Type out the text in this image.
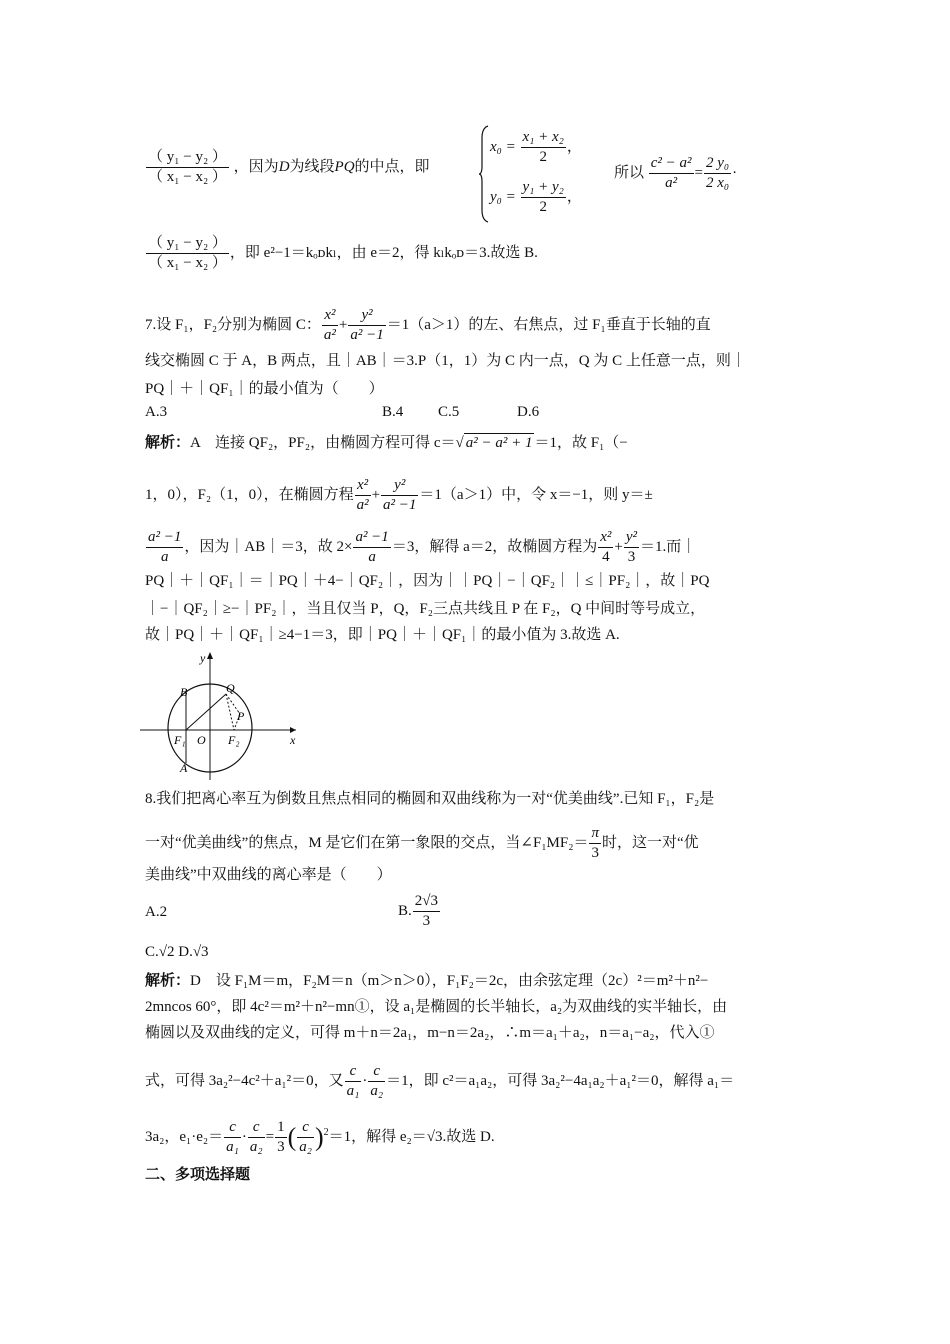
$\frac{\text{（ y₁ − y₂ ）}}{\text{（ x₁ − x₂ ）}}$ ，因为D为线段PQ的中点，即
$x_0 = \frac{\text{x₁ + x₂}}{2}$ ，
$y_0 = \frac{\text{y₁ + y₂}}{2}$ ，
所以 $\frac{\text{c² − a²}}{\text{a²}} = \frac{\text{2 y₀}}{\text{2 x₀}}$ ·
$\frac{\text{（ y₁ − y₂ ）}}{\text{（ x₁ − x₂ ）}}$ ，即 e²−1＝kₒᴅkₗ，由 e＝2，得 kₗkₒᴅ＝3.故选 B.
7.设 F₁，F₂分别为椭圆 C： $\frac{\text{x²}}{\text{a²}} + \frac{\text{y²}}{\text{a² −1}} =1(a>1)$的左、右焦点，过 F₁垂直于长轴的直
线交椭圆 C 于 A，B 两点，且｜AB｜＝3.P（1，1）为 C 内一点，Q 为 C 上任意一点，则｜
PQ｜＋｜QF₁｜的最小值为（　　）
A.3	B.4 C.5	D.6
解析：A　连接 QF₂，PF₂，由椭圆方程可得 c＝√ a² − a² + 1 ＝1，故 F₁（−
1，0），F₂（1，0），在椭圆方程 $\frac{\text{x²}}{\text{a²}} + \frac{\text{y²}}{\text{a² −1}} =1(a>1)$中，令 x＝−1，则 y＝±
$\frac{\text{a² −1}}{a}$ ，因为｜AB｜＝3，故 $2\times \frac{\text{a² −1}}{a} =3$，解得 a＝2，故椭圆方程为 $\frac{\text{x²}}{4} + \frac{\text{y²}}{3} =1$.而｜
PQ｜＋｜QF₁｜＝｜PQ｜＋4−｜QF₂｜，因为｜｜PQ｜−｜QF₂｜｜≤｜PF₂｜，故｜PQ
｜−｜QF₂｜≥−｜PF₂｜，当且仅当 P，Q，F₂三点共线且 P 在 F₂，Q 中间时等号成立，
故｜PQ｜＋｜QF₁｜≥4−1＝3，即｜PQ｜＋｜QF₁｜的最小值为 3.故选 A.
y
x
B	Q
P
F₁ O F₂
A
8.我们把离心率互为倒数且焦点相同的椭圆和双曲线称为一对“优美曲线”.已知 F₁，F₂是
一对“优美曲线”的焦点，M 是它们在第一象限的交点，当∠F₁MF₂＝ $\frac{\pi}{3}$ 时，这一对“优
美曲线”中双曲线的离心率是（　　）
A.2	B. $\frac{2√3}{3}$
C.√2 D.√3
解析：D　设 F₁M＝m，F₂M＝n（m＞n＞0），F₁F₂＝2c，由余弦定理（2c）²＝m²＋n²−
2mncos 60°，即 4c²＝m²＋n²−mn①，设 a₁是椭圆的长半轴长，a₂为双曲线的实半轴长，由
椭圆以及双曲线的定义，可得 m＋n＝2a₁，m−n＝2a₂，∴m＝a₁＋a₂，n＝a₁−a₂，代入①
式，可得 3a₂²−4c²＋a₁²＝0，又 $\frac{c}{\text{a₁}} \cdot \frac{c}{\text{a₂}} =1$，即 c²＝a₁a₂，可得 3a₂²−4a₁a₂＋a₁²＝0，解得 a₁＝
3a₂，$e_1\cdot e_2= \frac{c}{\text{a₁}} \cdot \frac{c}{\text{a₂}} = \frac{1}{3}$ ( $\frac{c}{\text{a₂}} )^2=1$，解得 e₂＝√3.故选 D.
二、多项选择题
